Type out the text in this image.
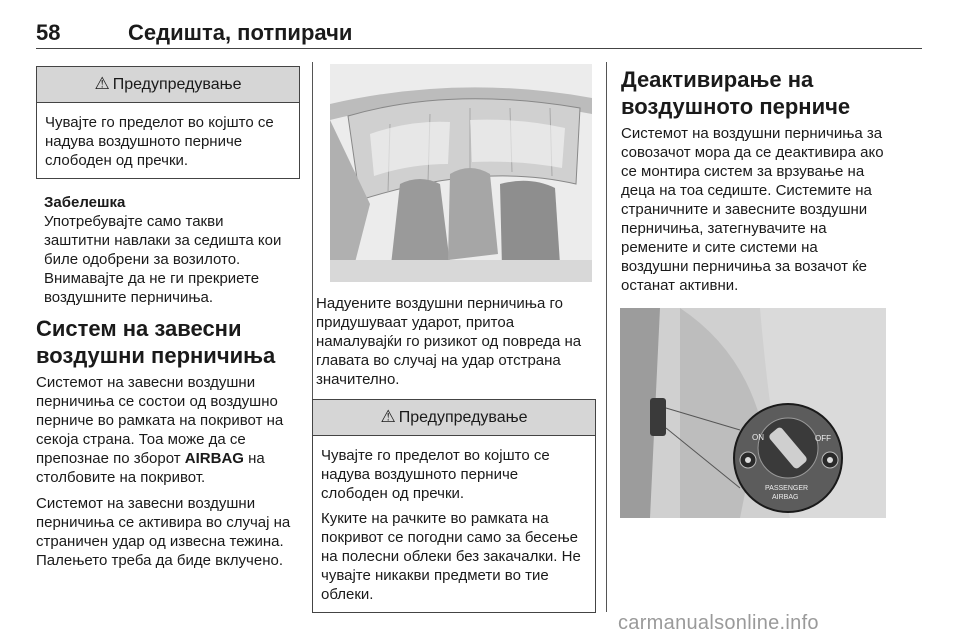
58	Седишта, потпирачи
⚠ Предупредување

Чувајте го пределот во којшто се надува воздушното перниче слободен од пречки.

Забелешка

Употребувајте само такви заштитни навлаки за седишта кои биле одобрени за возилото. Внимавајте да не ги прекриете воздушните перничиња.

Систем на завесни воздушни перничиња

Системот на завесни воздушни перничиња се состои од воздушно перниче во рамката на покривот на секоја страна. Тоа може да се препознае по зборот AIRBAG на столбовите на покривот.

Системот на завесни воздушни перничиња се активира во случај на страничен удар од извесна тежина. Палењето треба да биде вклучено.

Надуените воздушни перничиња го придушуваат ударот, притоа намалувајќи го ризикот од повреда на главата во случај на удар отстрана значително.

⚠ Предупредување

Чувајте го пределот во којшто се надува воздушното перниче слободен од пречки.

Куките на рачките во рамката на покривот се погодни само за бесење на полесни облеки без закачалки. Не чувајте никакви предмети во тие облеки.

Деактивирање на воздушното перниче

Системот на воздушни перничиња за совозачот мора да се деактивира ако се монтира систем за врзување на деца на тоа седиште. Системите на страничните и завесните воздушни перничиња, затегнувачите на ремените и сите системи на воздушни перничиња за возачот ќе останат активни.

ON	OFF
PASSENGER
AIRBAG
carmanualsonline.info
